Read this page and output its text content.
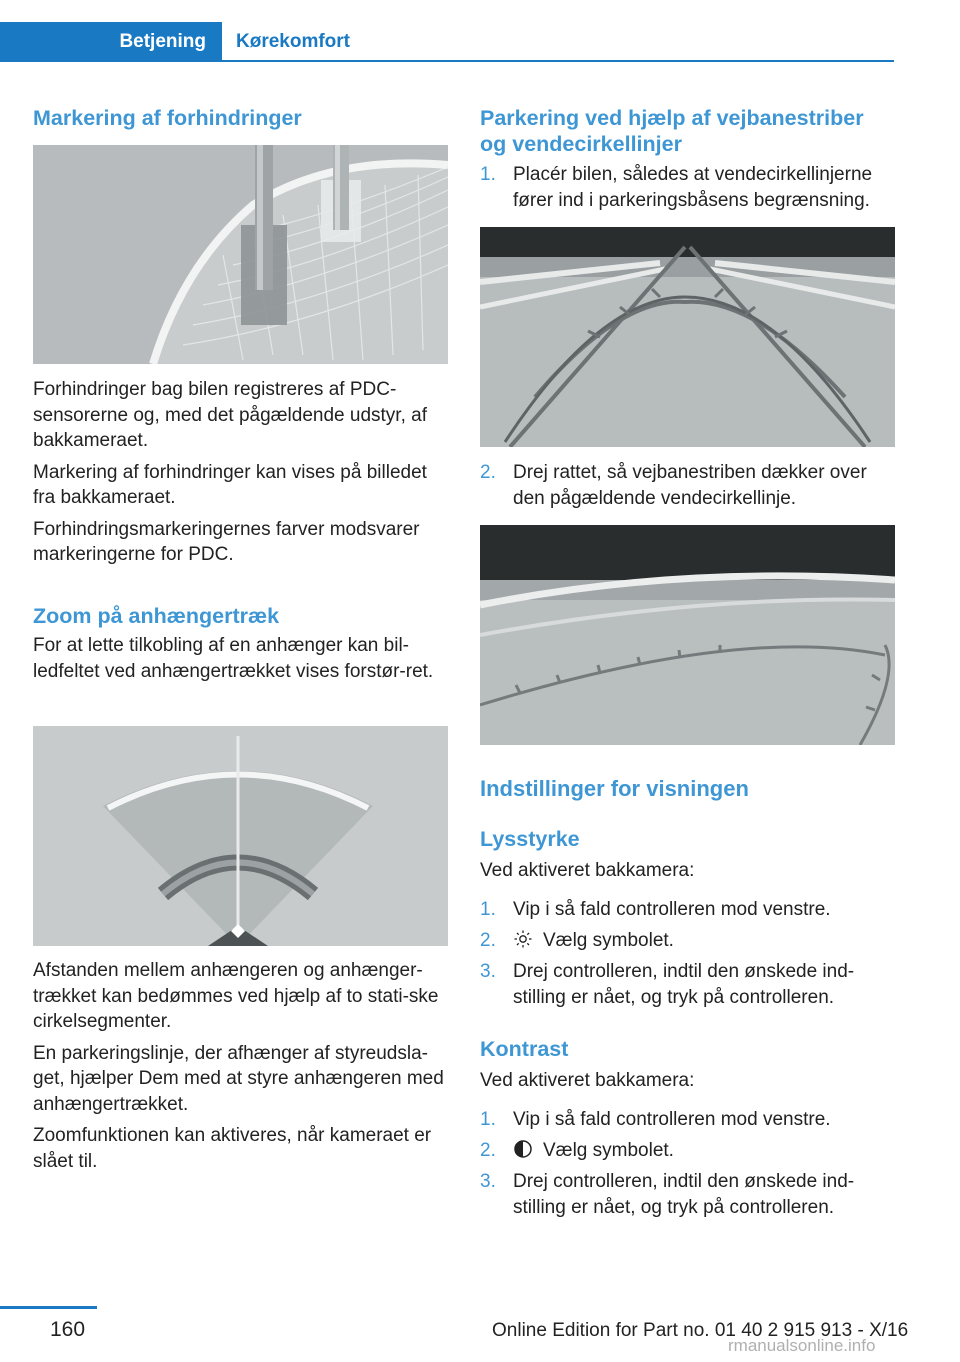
Betjening	Kørekomfort
Markering af forhindringer

Forhindringer bag bilen registreres af PDC-sensorerne og, med det pågældende udstyr, af bakkameraet.

Markering af forhindringer kan vises på billedet fra bakkameraet.

Forhindringsmarkeringernes farver modsvarer markeringerne for PDC.

Zoom på anhængertræk

For at lette tilkobling af en anhænger kan bil-ledfeltet ved anhængertrækket vises forstør-ret.

Afstanden mellem anhængeren og anhænger-trækket kan bedømmes ved hjælp af to stati-ske cirkelsegmenter.

En parkeringslinje, der afhænger af styreudsla-get, hjælper Dem med at styre anhængeren med anhængertrækket.

Zoomfunktionen kan aktiveres, når kameraet er slået til.

Parkering ved hjælp af vejbanestriber og vendecirkellinjer
1. Placér bilen, således at vendecirkellinjerne fører ind i parkeringsbåsens begrænsning.
2. Drej rattet, så vejbanestriben dækker over den pågældende vendecirkellinje.
Indstillinger for visningen
Lysstyrke

Ved aktiveret bakkamera:

1. Vip i så fald controlleren mod venstre.
2.	Vælg symbolet.
3. Drej controlleren, indtil den ønskede ind-stilling er nået, og tryk på controlleren.
Kontrast

Ved aktiveret bakkamera:

1. Vip i så fald controlleren mod venstre.
2.	Vælg symbolet.
3. Drej controlleren, indtil den ønskede ind-stilling er nået, og tryk på controlleren.
160	Online Edition for Part no. 01 40 2 915 913 - X/16
rmanualsonline.info
